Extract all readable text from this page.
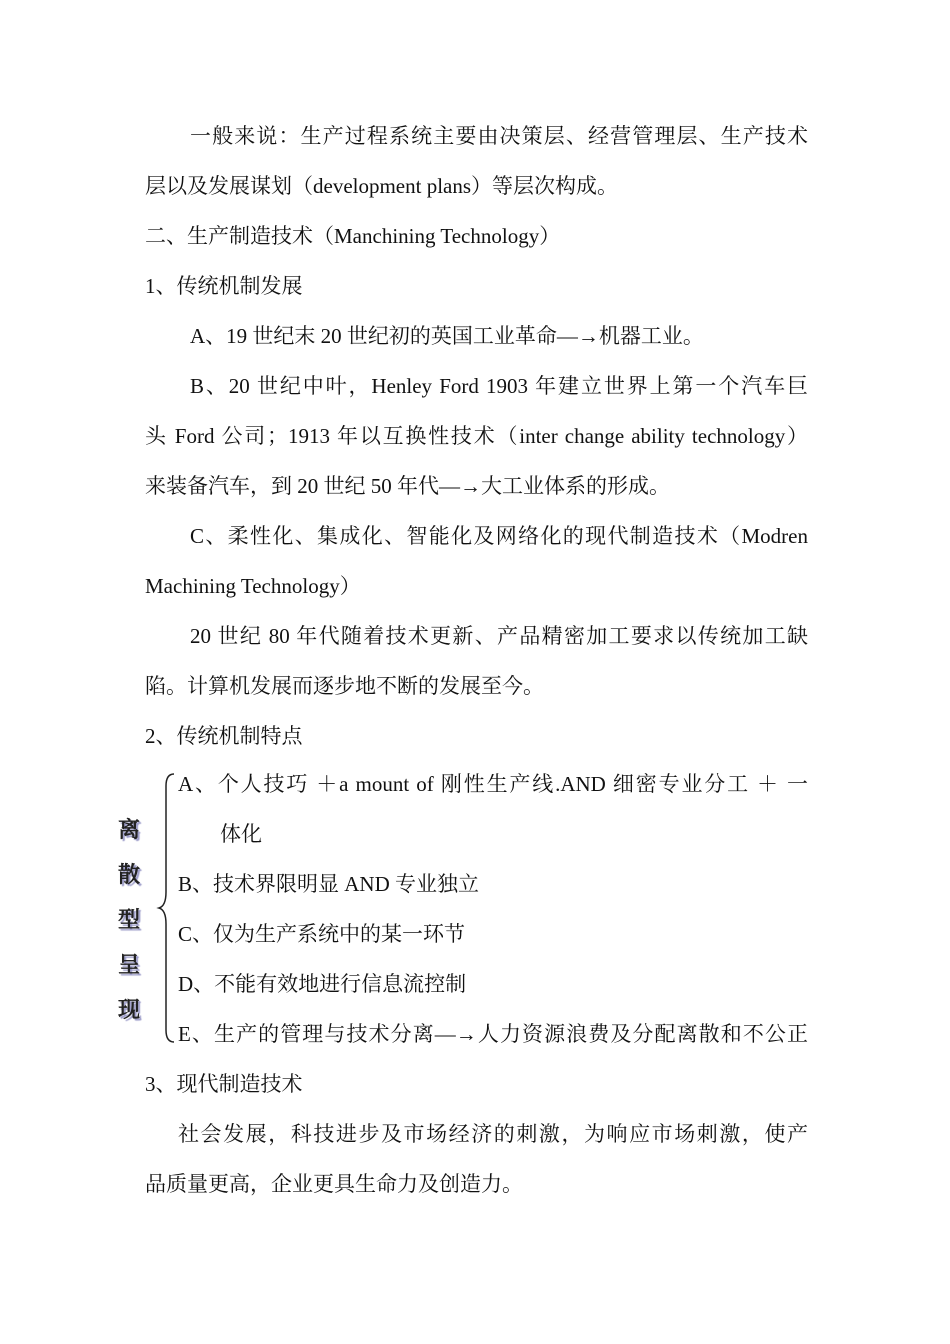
一般来说：生产过程系统主要由决策层、经营管理层、生产技术
层以及发展谋划（development plans）等层次构成。
二、生产制造技术（Manchining Technology）
1、传统机制发展
A、19 世纪末 20 世纪初的英国工业革命—→机器工业。
B、20 世纪中叶，Henley Ford 1903 年建立世界上第一个汽车巨
头 Ford 公司；1913 年以互换性技术（inter change ability technology）
来装备汽车，到 20 世纪 50 年代—→大工业体系的形成。
C、柔性化、集成化、智能化及网络化的现代制造技术（Modren
Machining Technology）
20 世纪 80 年代随着技术更新、产品精密加工要求以传统加工缺
陷。计算机发展而逐步地不断的发展至今。
2、传统机制特点
离
散
型
呈
现
A、个人技巧 ＋a mount of 刚性生产线.AND 细密专业分工 ＋ 一
体化
B、技术界限明显 AND 专业独立
C、仅为生产系统中的某一环节
D、不能有效地进行信息流控制
E、生产的管理与技术分离—→人力资源浪费及分配离散和不公正
3、现代制造技术
社会发展，科技进步及市场经济的刺激，为响应市场刺激，使产
品质量更高，企业更具生命力及创造力。
